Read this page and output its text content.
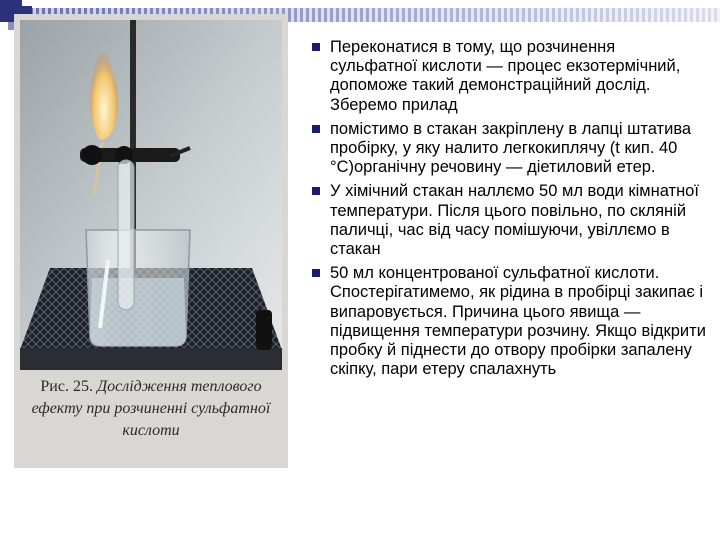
Рис. 25. Дослідження теплового ефекту при розчиненні сульфатної кислоти
Переконатися в тому, що розчинення сульфатної кислоти — процес екзотермічний, допоможе такий демонстраційний дослід. Зберемо прилад
помістимо в стакан закріплену в лапці штатива пробірку, у яку налито легкокиплячу (t кип. 40 °С)органічну речовину — діетиловий етер.
У хімічний стакан наллємо 50 мл води кімнатної температури. Після цього повільно, по скляній паличці, час від часу помішуючи, увіллємо в стакан
50 мл концентрованої сульфатної кислоти. Спостерігатимемо, як рідина в пробірці закипає і випаровується. Причина цього явища —підвищення температури розчину. Якщо відкрити пробку й піднести до отвору пробірки запалену скіпку, пари етеру спалахнуть
